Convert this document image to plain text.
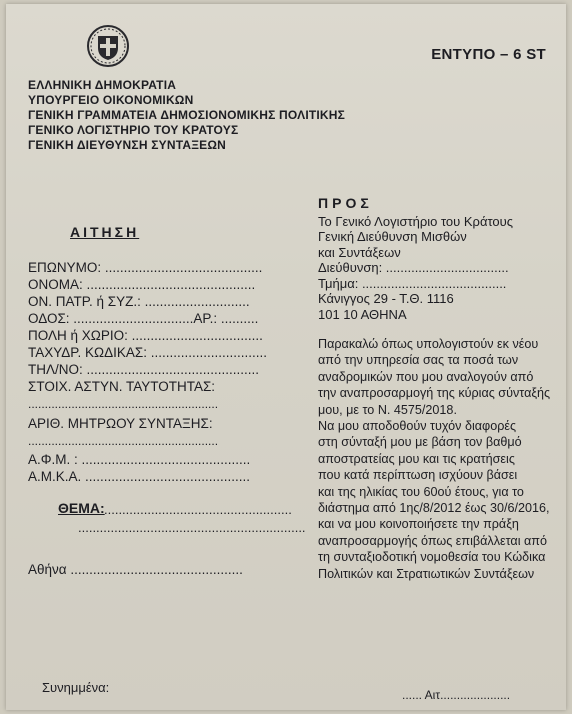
ΕΝΤΥΠΟ – 6 ST
ΕΛΛΗΝΙΚΗ ΔΗΜΟΚΡΑΤΙΑ
ΥΠΟΥΡΓΕΙΟ ΟΙΚΟΝΟΜΙΚΩΝ
ΓΕΝΙΚΗ ΓΡΑΜΜΑΤΕΙΑ ΔΗΜΟΣΙΟΝΟΜΙΚΗΣ ΠΟΛΙΤΙΚΗΣ
ΓΕΝΙΚΟ ΛΟΓΙΣΤΗΡΙΟ ΤΟΥ ΚΡΑΤΟΥΣ
ΓΕΝΙΚΗ ΔΙΕΥΘΥΝΣΗ ΣΥΝΤΑΞΕΩΝ
ΑΙΤΗΣΗ
ΕΠΩΝΥΜΟ: ..........................................
ΟΝΟΜΑ: .............................................
ΟΝ. ΠΑΤΡ. ή ΣΥΖ.: ............................
ΟΔΟΣ: ................................ΑΡ.: ..........
ΠΟΛΗ ή ΧΩΡΙΟ: ...................................
ΤΑΧΥΔΡ. ΚΩΔΙΚΑΣ: ...............................
ΤΗΛ/ΝΟ: ..............................................
ΣΤΟΙΧ. ΑΣΤΥΝ. ΤΑΥΤΟΤΗΤΑΣ:
.........................................................
ΑΡΙΘ. ΜΗΤΡΩΟΥ ΣΥΝΤΑΞΗΣ:
.........................................................
Α.Φ.Μ. : .............................................
Α.Μ.Κ.Α. ............................................
ΘΕΜΑ: ....................................................
...............................................................
Αθήνα ..............................................
ΠΡΟΣ
Το Γενικό Λογιστήριο του Κράτους
Γενική Διεύθυνση Μισθών
και Συντάξεων
Διεύθυνση: ..................................
Τμήμα: ........................................
Κάνιγγος 29 - Τ.Θ. 1116
101 10 ΑΘΗΝΑ
Παρακαλώ όπως υπολογιστούν εκ νέου
από την υπηρεσία σας τα ποσά των
αναδρομικών που μου αναλογούν από
την αναπροσαρμογή της κύριας σύνταξής
μου, με το Ν. 4575/2018.
Να μου αποδοθούν τυχόν διαφορές
στη σύνταξή μου με βάση τον βαθμό
αποστρατείας μου και τις κρατήσεις
που κατά περίπτωση ισχύουν βάσει
και της ηλικίας του 60ού έτους, για το
διάστημα από 1ης/8/2012 έως 30/6/2016,
και να μου κοινοποιήσετε την πράξη
αναπροσαρμογής όπως επιβάλλεται από
τη συνταξιοδοτική νομοθεσία του Κώδικα
Πολιτικών και Στρατιωτικών Συντάξεων
Συνημμένα:	...... Αιτ.....................
